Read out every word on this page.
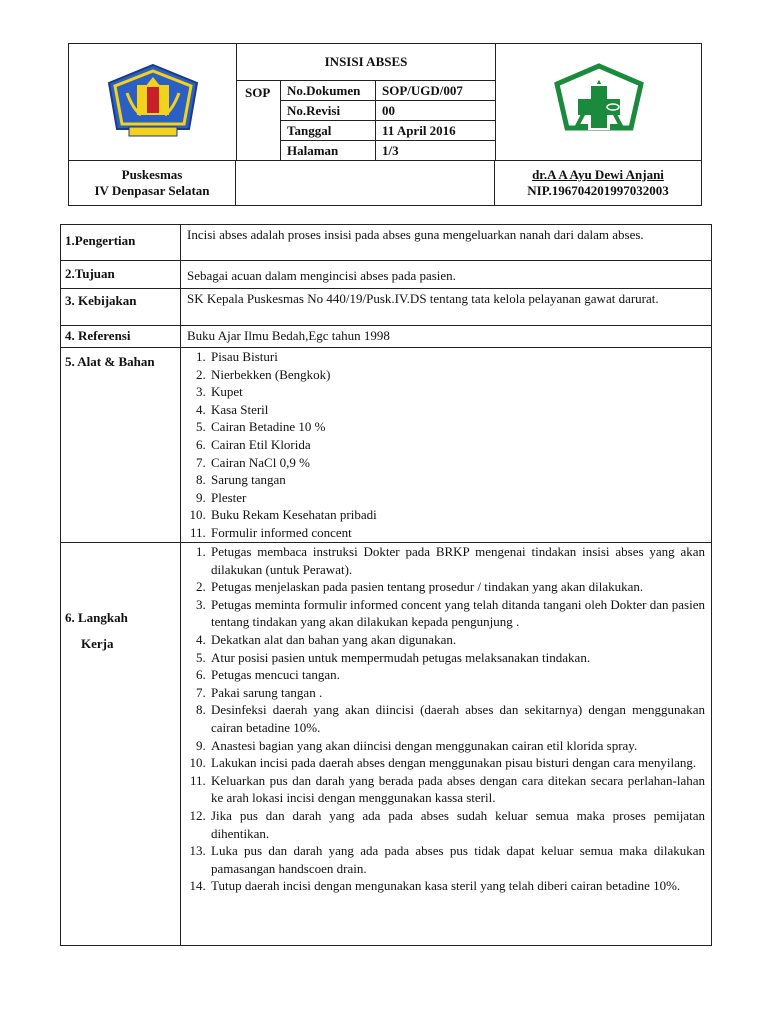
INSISI ABSES
SOP	No.Dokumen	SOP/UGD/007
No.Revisi	00
Tanggal	11 April 2016
Halaman	1/3
Puskesmas
IV Denpasar Selatan
dr.A A Ayu Dewi Anjani
NIP.196704201997032003
1.Pengertian	Incisi abses adalah proses insisi pada abses guna mengeluarkan nanah dari dalam abses.
2.Tujuan	Sebagai acuan dalam mengincisi abses pada pasien.
3. Kebijakan	SK Kepala Puskesmas No 440/19/Pusk.IV.DS tentang tata kelola pelayanan gawat darurat.
4. Referensi	Buku Ajar Ilmu Bedah,Egc tahun 1998
5. Alat & Bahan
1.	Pisau Bisturi
2. Nierbekken (Bengkok)
3. Kupet
4. Kasa Steril
5. Cairan Betadine 10 %
6. Cairan Etil Klorida
7. Cairan NaCl 0,9 %
8. Sarung tangan
9. Plester
10. Buku Rekam Kesehatan pribadi
11. Formulir informed concent
6. Langkah
Kerja
1. Petugas membaca instruksi Dokter pada BRKP mengenai tindakan insisi abses yang akan dilakukan (untuk Perawat).
2. Petugas menjelaskan pada pasien tentang prosedur / tindakan yang akan dilakukan.
3. Petugas meminta formulir informed concent yang telah ditanda tangani oleh Dokter dan pasien tentang tindakan yang akan dilakukan kepada pengunjung .
4. Dekatkan alat dan bahan yang akan digunakan.
5. Atur posisi pasien untuk mempermudah petugas melaksanakan tindakan.
6. Petugas mencuci tangan.
7. Pakai sarung tangan .
8. Desinfeksi daerah yang akan diincisi (daerah abses dan sekitarnya) dengan menggunakan cairan betadine 10%.
9. Anastesi bagian yang akan diincisi dengan menggunakan cairan etil klorida spray.
10. Lakukan incisi pada daerah abses dengan menggunakan pisau bisturi dengan cara menyilang.
11. Keluarkan pus dan darah yang berada pada abses dengan cara ditekan secara perlahan-lahan ke arah lokasi incisi dengan menggunakan kassa steril.
12. Jika pus dan darah yang ada pada abses sudah keluar semua maka proses pemijatan dihentikan.
13. Luka pus dan darah yang ada pada abses pus tidak dapat keluar semua maka dilakukan pamasangan handscoen drain.
14. Tutup daerah incisi dengan mengunakan kasa steril yang telah diberi cairan betadine 10%.
